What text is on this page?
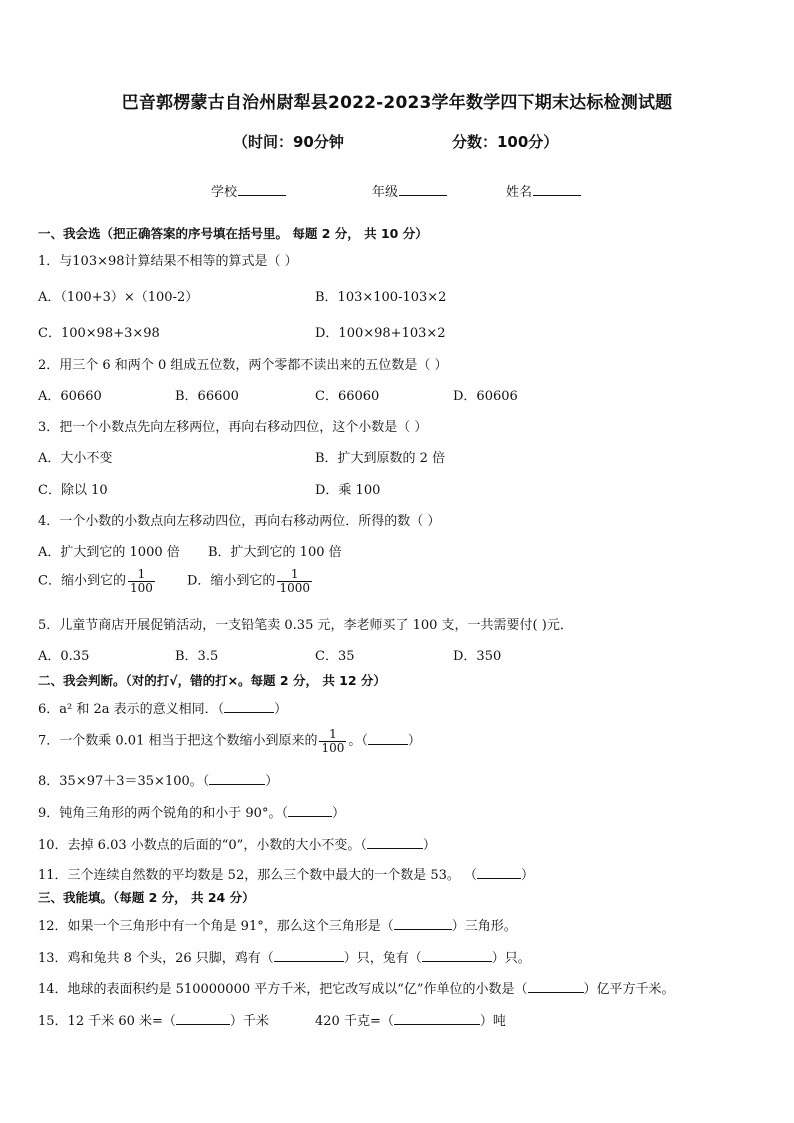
巴音郭楞蒙古自治州尉犁县2022-2023学年数学四下期末达标检测试题
（时间：90分钟	分数：100分）
学校	年级	姓名
一、我会选（把正确答案的序号填在括号里。 每题 2 分， 共 10 分）
1．与103×98计算结果不相等的算式是（ ）
A．（100+3）×（100-2）	B．103×100-103×2
C．100×98+3×98	D．100×98+103×2
2．用三个 6 和两个 0 组成五位数，两个零都不读出来的五位数是（ ）
A．60660	B．66600	C．66060	D．60606
3．把一个小数点先向左移两位，再向右移动四位，这个小数是（ ）
A．大小不变	B．扩大到原数的 2 倍
C．除以 10	D．乘 100
4．一个小数的小数点向左移动四位，再向右移动两位．所得的数（ ）
A．扩大到它的 1000 倍 B．扩大到它的 100 倍
C．缩小到它的 $\frac{1}{100}$ D．缩小到它的 $\frac{1}{1000}$
5．儿童节商店开展促销活动，一支铅笔卖 0.35 元，李老师买了 100 支，一共需要付( )元．
A．0.35	B．3.5	C．35	D．350
二、我会判断。（对的打√，错的打×。每题 2 分， 共 12 分）
6．a² 和 2a 表示的意义相同．（	）
7．一个数乘 0.01 相当于把这个数缩小到原来的 $\frac{1}{100}$ 。（	）
8．35×97＋3＝35×100。（	）
9．钝角三角形的两个锐角的和小于 90°。（	）
10．去掉 6.03 小数点的后面的“0”，小数的大小不变。（	）
11．三个连续自然数的平均数是 52，那么三个数中最大的一个数是 53。 （	）
三、我能填。（每题 2 分， 共 24 分）
12．如果一个三角形中有一个角是 91°，那么这个三角形是（	）三角形。
13．鸡和兔共 8 个头，26 只脚，鸡有（	）只，兔有（	）只。
14．地球的表面积约是 510000000 平方千米，把它改写成以“亿”作单位的小数是（	）亿平方千米。
15．12 千米 60 米=（	）千米	420 千克=（	）吨
